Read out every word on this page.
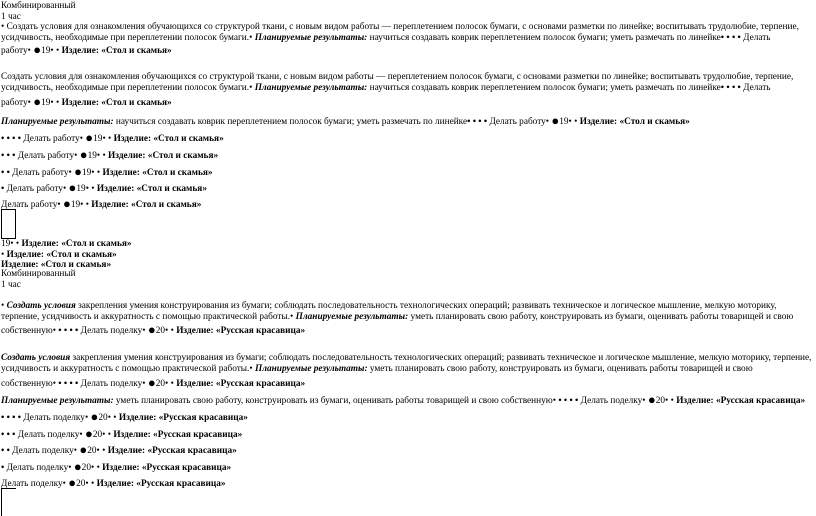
Комбинированный
1 час
• Создать условия для ознакомления обучающихся со структурой ткани, с новым видом работы — переплетением полосок бумаги, с основами разметки по линейке; воспитывать трудолюбие, терпение, усидчивость, необходимые при переплетении полосок бумаги.• Планируемые результаты: научиться создавать коврик переплетением полосок бумаги; уметь размечать по линейке• • • • Делать
работу• ●19• • Изделие: «Стол и скамья»
Создать условия для ознакомления обучающихся со структурой ткани, с новым видом работы — переплетением полосок бумаги, с основами разметки по линейке; воспитывать трудолюбие, терпение, усидчивость, необходимые при переплетении полосок бумаги.• Планируемые результаты: научиться создавать коврик переплетением полосок бумаги; уметь размечать по линейке• • • • Делать
работу• ●19• • Изделие: «Стол и скамья»
Планируемые результаты: научиться создавать коврик переплетением полосок бумаги; уметь размечать по линейке• • • • Делать работу• ●19• • Изделие: «Стол и скамья»
• • • • Делать работу• ●19• • Изделие: «Стол и скамья»
• • • Делать работу• ●19• • Изделие: «Стол и скамья»
• • Делать работу• ●19• • Изделие: «Стол и скамья»
• Делать работу• ●19• • Изделие: «Стол и скамья»
Делать работу• ●19• • Изделие: «Стол и скамья»
19• • Изделие: «Стол и скамья»
• Изделие: «Стол и скамья»
Изделие: «Стол и скамья»
Комбинированный
1 час
• Создать условия закрепления умения конструирования из бумаги; соблюдать последовательность технологических операций; развивать техническое и логическое мышление, мелкую моторику, терпение, усидчивость и аккуратность с помощью практической работы.• Планируемые результаты: уметь планировать свою работу, конструировать из бумаги, оценивать работы товарищей и свою
собственную• • • • • Делать поделку• ●20• • Изделие: «Русская красавица»
Создать условия закрепления умения конструирования из бумаги; соблюдать последовательность технологических операций; развивать техническое и логическое мышление, мелкую моторику, терпение, усидчивость и аккуратность с помощью практической работы.• Планируемые результаты: уметь планировать свою работу, конструировать из бумаги, оценивать работы товарищей и свою
собственную• • • • • Делать поделку• ●20• • Изделие: «Русская красавица»
Планируемые результаты: уметь планировать свою работу, конструировать из бумаги, оценивать работы товарищей и свою собственную• • • • • Делать поделку• ●20• • Изделие: «Русская красавица»
• • • • Делать поделку• ●20• • Изделие: «Русская красавица»
• • • Делать поделку• ●20• • Изделие: «Русская красавица»
• • Делать поделку• ●20• • Изделие: «Русская красавица»
• Делать поделку• ●20• • Изделие: «Русская красавица»
Делать поделку• ●20• • Изделие: «Русская красавица»
